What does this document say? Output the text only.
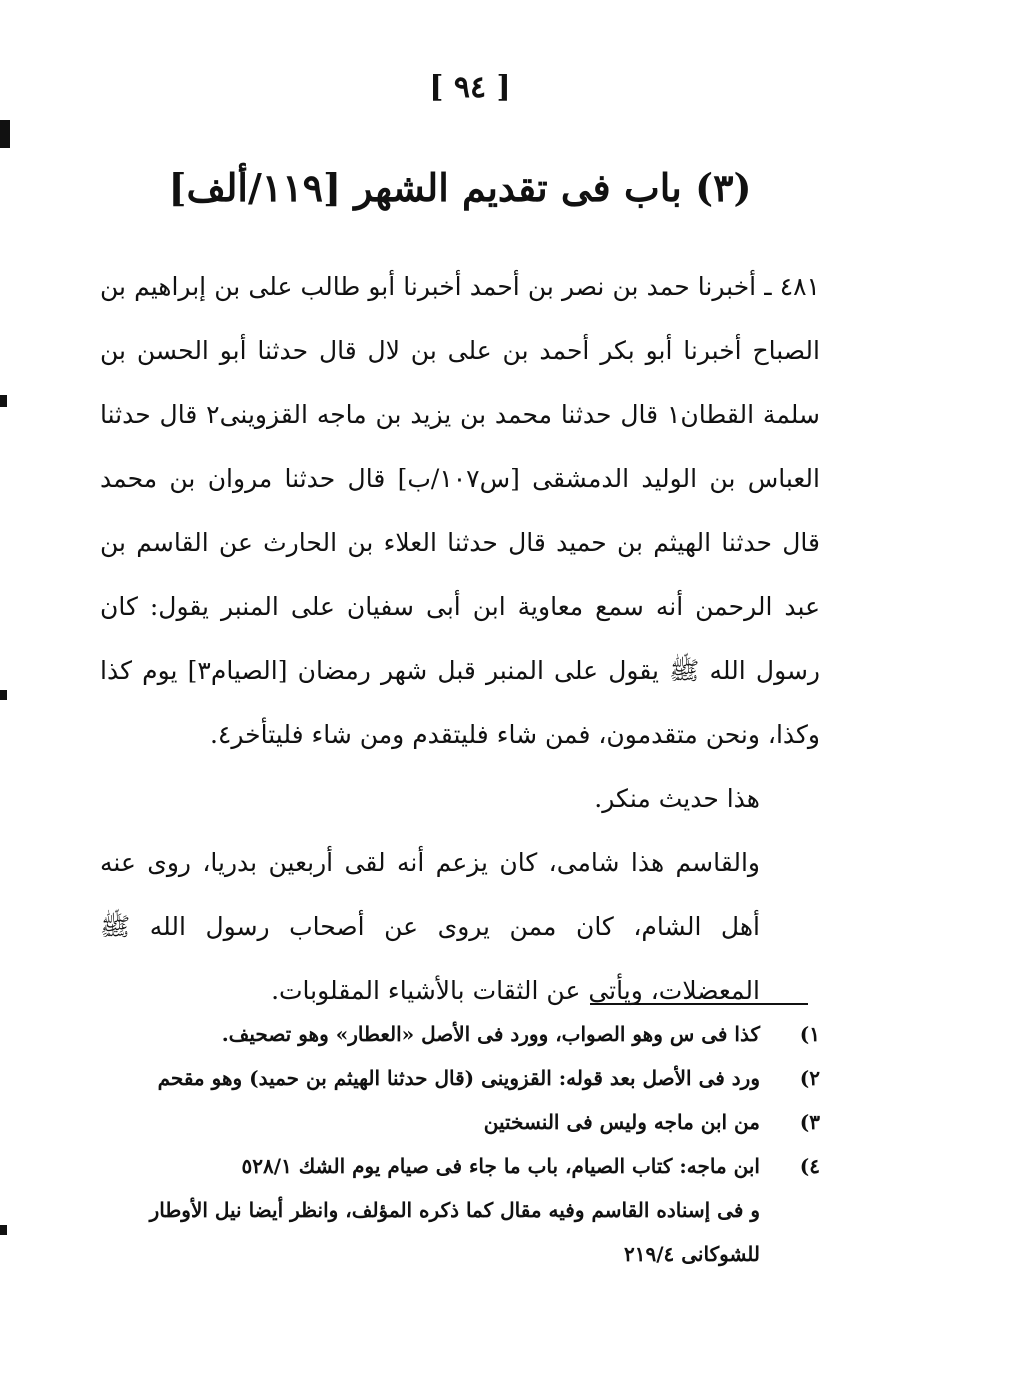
[ ٩٤ ]
(٣) باب فى تقديم الشهر [١١٩/ألف]

٤٨١ ـ أخبرنا حمد بن نصر بن أحمد أخبرنا أبو طالب على بن إبراهيم بن الصباح أخبرنا أبو بكر أحمد بن على بن لال قال حدثنا أبو الحسن بن سلمة القطان١ قال حدثنا محمد بن يزيد بن ماجه القزوينى٢ قال حدثنا العباس بن الوليد الدمشقى [س١٠٧/ب] قال حدثنا مروان بن محمد قال حدثنا الهيثم بن حميد قال حدثنا العلاء بن الحارث عن القاسم بن عبد الرحمن أنه سمع معاوية ابن أبى سفيان على المنبر يقول: كان رسول الله ﷺ يقول على المنبر قبل شهر رمضان [الصيام٣] يوم كذا وكذا، ونحن متقدمون، فمن شاء فليتقدم ومن شاء فليتأخر٤.

هذا حديث منكر.

والقاسم هذا شامى، كان يزعم أنه لقى أربعين بدريا، روى عنه أهل الشام، كان ممن يروى عن أصحاب رسول الله ﷺ المعضلات، ويأتى عن الثقات بالأشياء المقلوبات.

١)
كذا فى س وهو الصواب، وورد فى الأصل «العطار» وهو تصحيف.
٢)
ورد فى الأصل بعد قوله: القزوينى (قال حدثنا الهيثم بن حميد) وهو مقحم
٣)
من ابن ماجه وليس فى النسختين
٤)
ابن ماجه: كتاب الصيام، باب ما جاء فى صيام يوم الشك ٥٢٨/١
و فى إسناده القاسم وفيه مقال كما ذكره المؤلف، وانظر أيضا نيل الأوطار
للشوكانى ٢١٩/٤
